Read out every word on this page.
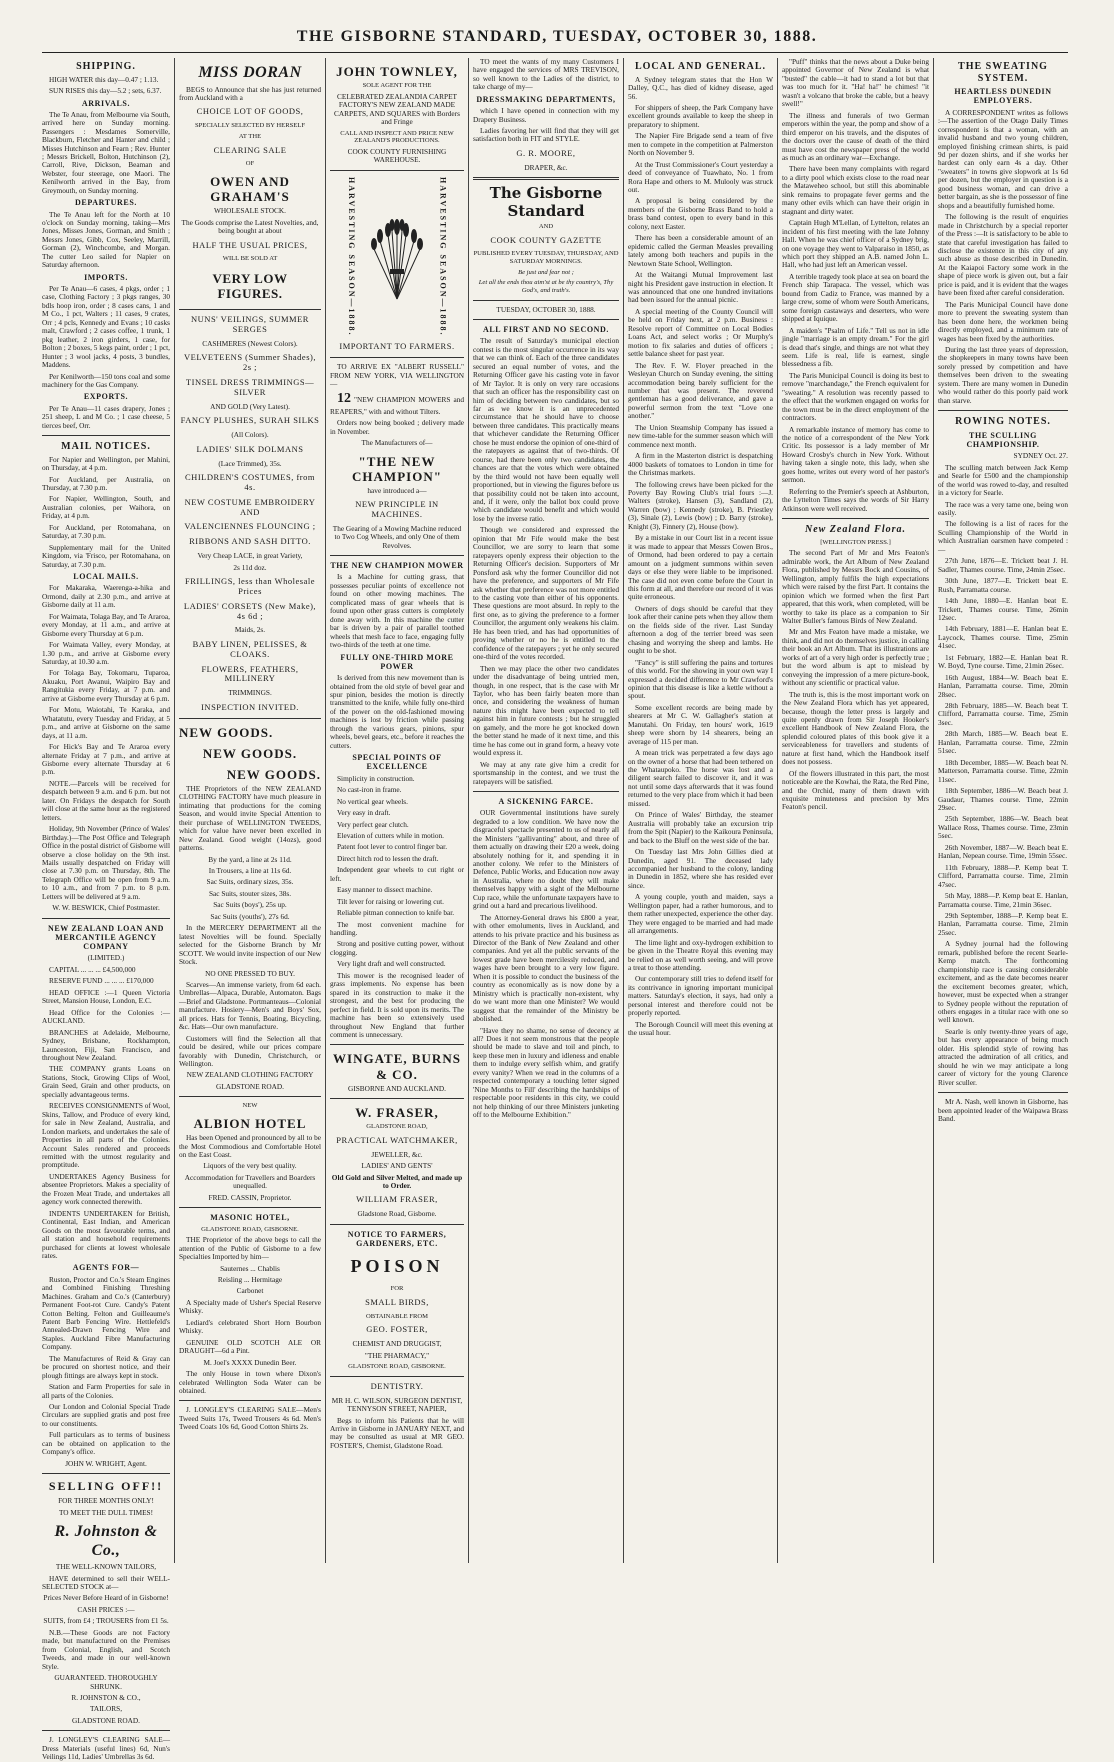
THE GISBORNE STANDARD, TUESDAY, OCTOBER 30, 1888.
SHIPPING.

HIGH WATER this day—0.47 ; 1.13.

SUN RISES this day—5.2 ; sets, 6.37.

ARRIVALS.

The Te Anau, from Melbourne via South, arrived here on Sunday morning. Passengers : Mesdames Somerville, Blackburn, Fletcher and Hanter and child ; Misses Hutchinson and Fearn ; Rev. Hunter ; Messrs Brickell, Bolton, Hutchinson (2), Carroll, Rive, Dickson, Beaman and Webster, four steerage, one Maori. The Kenilworth arrived in the Bay, from Greymouth, on Sunday morning.

DEPARTURES.

The Te Anau left for the North at 10 o'clock on Sunday morning, taking—Mrs Jones, Misses Jones, Gorman, and Smith ; Messrs Jones, Gibb, Cox, Seeley, Marrill, Gorman (2), Winchcombe, and Morgan. The cutter Leo sailed for Napier on Saturday afternoon.

IMPORTS.

Per Te Anau—6 cases, 4 pkgs, order ; 1 case, Clothing Factory ; 3 pkgs ranges, 30 bdls hoop iron, order ; 8 cases cans, 1 and M Co., 1 pct, Walters ; 11 cases, 9 crates, Orr ; 4 pcls, Kennedy and Evans ; 10 casks malt, Crawford ; 2 cases coffee, 1 trunk, 1 pkg leather, 2 iron girders, 1 case, for Bolton ; 2 boxes, 5 kegs paint, order ; 1 pct, Hunter ; 3 wool jacks, 4 posts, 3 bundles, Maddens.

Per Kenilworth—150 tons coal and some machinery for the Gas Company.

EXPORTS.

Per Te Anau—11 cases drapery, Jones ; 251 sheep, L and M Co. ; 1 case cheese, 5 tierces beef, Orr.

MAIL NOTICES.

For Napier and Wellington, per Mahini, on Thursday, at 4 p.m.

For Auckland, per Australia, on Thursday, at 7.30 p.m.

For Napier, Wellington, South, and Australian colonies, per Waihora, on Friday, at 4 p.m.

For Auckland, per Rotomahana, on Saturday, at 7.30 p.m.

Supplementary mail for the United Kingdom, via 'Frisco, per Rotomahana, on Saturday, at 7.30 p.m.

LOCAL MAILS.

For Makaraka, Waerenga-a-hika and Ormond, daily at 2.30 p.m., and arrive at Gisborne daily at 11 a.m.

For Waimata, Tolaga Bay, and Te Araroa, every Monday, at 11 a.m., and arrive at Gisborne every Thursday at 6 p.m.

For Waimata Valley, every Monday, at 1.30 p.m., and arrive at Gisborne every Saturday, at 10.30 a.m.

For Tolaga Bay, Tokomaru, Tuparoa, Akuaku, Port Awanui, Waipiro Bay and Rangitukia every Friday, at 7 p.m. and arrive at Gisborne every Thursday at 6 p.m.

For Motu, Waiotahi, Te Karaka, and Whatatutu, every Tuesday and Friday, at 5 p.m., and arrive at Gisborne on the same days, at 11 a.m.

For Hick's Bay and Te Araroa every alternate Friday at 7 p.m., and arrive at Gisborne every alternate Thursday at 6 p.m.

NOTE.—Parcels will be received for despatch between 9 a.m. and 6 p.m. but not later. On Fridays the despatch for South will close at the same hour as the registered letters.

Holiday, 9th November (Prince of Wales' Birthday.)—The Post Office and Telegraph Office in the postal district of Gisborne will observe a close holiday on the 9th inst. Mails usually despatched on Friday will close at 7.30 p.m. on Thursday, 8th. The Telegraph Office will be open from 9 a.m. to 10 a.m., and from 7 p.m. to 8 p.m. Letters will be delivered at 9 a.m.

W. W. BESWICK, Chief Postmaster.

NEW ZEALAND LOAN AND MERCANTILE AGENCY COMPANY

(LIMITED.)

CAPITAL ... ... ... £4,500,000

RESERVE FUND ... ... ... £170,000

HEAD OFFICE :—1 Queen Victoria Street, Mansion House, London, E.C.

Head Office for the Colonies :—AUCKLAND.

BRANCHES at Adelaide, Melbourne, Sydney, Brisbane, Rockhampton, Launceston, Fiji, San Francisco, and throughout New Zealand.

THE COMPANY grants Loans on Stations, Stock, Growing Clips of Wool, Grain Seed, Grain and other products, on specially advantageous terms.

RECEIVES CONSIGNMENTS of Wool, Skins, Tallow, and Produce of every kind, for sale in New Zealand, Australia, and London markets, and undertakes the sale of Properties in all parts of the Colonies. Account Sales rendered and proceeds remitted with the utmost regularity and promptitude.

UNDERTAKES Agency Business for absentee Proprietors. Makes a speciality of the Frozen Meat Trade, and undertakes all agency work connected therewith.

INDENTS UNDERTAKEN for British, Continental, East Indian, and American Goods on the most favourable terms, and all station and household requirements purchased for clients at lowest wholesale rates.

AGENTS FOR—

Ruston, Proctor and Co.'s Steam Engines and Combined Finishing Threshing Machines. Graham and Co.'s (Canterbury) Permanent Foot-rot Cure. Candy's Patent Cotton Belting. Felton and Guilleaume's Patent Barb Fencing Wire. Hettlefeld's Annealed-Drawn Fencing Wire and Staples. Auckland Fibre Manufacturing Company.

The Manufactures of Reid & Gray can be procured on shortest notice, and their plough fittings are always kept in stock.

Station and Farm Properties for sale in all parts of the Colonies.

Our London and Colonial Special Trade Circulars are supplied gratis and post free to our constituents.

Full particulars as to terms of business can be obtained on application to the Company's office.

JOHN W. WRIGHT, Agent.

SELLING OFF!!

FOR THREE MONTHS ONLY!

TO MEET THE DULL TIMES!

R. Johnston & Co.,

THE WELL-KNOWN TAILORS,

HAVE determined to sell their WELL-SELECTED STOCK at—

Prices Never Before Heard of in Gisborne!

CASH PRICES :—

SUITS, from £4 ; TROUSERS from £1 5s.

N.B.—These Goods are not Factory made, but manufactured on the Premises from Colonial, English, and Scotch Tweeds, and made in our well-known Style.

GUARANTEED. THOROUGHLY SHRUNK.

R. JOHNSTON & CO.,

TAILORS,

GLADSTONE ROAD.

J. LONGLEY'S CLEARING SALE—Dress Materials (useful lines) 6d, Nun's Veilings 11d, Ladies' Umbrellas 3s 6d.

MISS DORAN

BEGS to Announce that she has just returned from Auckland with a

CHOICE LOT OF GOODS,

SPECIALLY SELECTED BY HERSELF

AT THE

CLEARING SALE

OF

OWEN AND GRAHAM'S

WHOLESALE STOCK.

The Goods comprise the Latest Novelties, and, being bought at about

HALF THE USUAL PRICES,

WILL BE SOLD AT

VERY LOW FIGURES.
NUNS' VEILINGS, SUMMER SERGES

CASHMERES (Newest Colors).

VELVETEENS (Summer Shades), 2s ;
TINSEL DRESS TRIMMINGS—SILVER

AND GOLD (Very Latest).

FANCY PLUSHES, SURAH SILKS

(All Colors).

LADIES' SILK DOLMANS

(Lace Trimmed), 35s.

CHILDREN'S COSTUMES, from 4s.
NEW COSTUME EMBROIDERY AND
VALENCIENNES FLOUNCING ;
RIBBONS AND SASH DITTO.

Very Cheap LACE, in great Variety,

2s 11d doz.

FRILLINGS, less than Wholesale Prices
LADIES' CORSETS (New Make), 4s 6d ;

Maids, 2s.

BABY LINEN, PELISSES, & CLOAKS.
FLOWERS, FEATHERS, MILLINERY

TRIMMINGS.

INSPECTION INVITED.
NEW GOODS.
NEW GOODS.
NEW GOODS.

THE Proprietors of the NEW ZEALAND CLOTHING FACTORY have much pleasure in intimating that productions for the coming Season, and would invite Special Attention to their purchase of WELLINGTON TWEEDS, which for value have never been excelled in New Zealand. Good weight (14ozs), good patterns.

By the yard, a line at 2s 11d.

In Trousers, a line at 11s 6d.

Sac Suits, ordinary sizes, 35s.

Sac Suits, stouter sizes, 38s.

Sac Suits (boys'), 25s up.

Sac Suits (youths'), 27s 6d.

In the MERCERY DEPARTMENT all the latest Novelties will be found. Specially selected for the Gisborne Branch by Mr SCOTT. We would invite inspection of our New Stock.

NO ONE PRESSED TO BUY.

Scarves—An immense variety, from 6d each. Umbrellas—Alpaca, Durable, Automaton. Bags—Brief and Gladstone. Portmanteaus—Colonial manufacture. Hosiery—Men's and Boys' Sox, all prices. Hats for Tennis, Boating, Bicycling, &c. Hats—Our own manufacture.

Customers will find the Selection all that could be desired, while our prices compare favorably with Dunedin, Christchurch, or Wellington.

NEW ZEALAND CLOTHING FACTORY

GLADSTONE ROAD.

NEW

ALBION HOTEL

Has been Opened and pronounced by all to be the Most Commodious and Comfortable Hotel on the East Coast.

Liquors of the very best quality.

Accommodation for Travellers and Boarders unequalled.

FRED. CASSIN, Proprietor.

MASONIC HOTEL,

GLADSTONE ROAD, GISBORNE.

THE Proprietor of the above begs to call the attention of the Public of Gisborne to a few Specialties Imported by him—

Sauternes ... Chablis

Reisling ... Hermitage

Carbonet

A Specialty made of Usher's Special Reserve Whisky.

Lediard's celebrated Short Horn Bourbon Whisky.

GENUINE OLD SCOTCH ALE OR DRAUGHT—6d a Pint.

M. Joel's XXXX Dunedin Beer.

The only House in town where Dixon's celebrated Wellington Soda Water can be obtained.

J. LONGLEY'S CLEARING SALE—Men's Tweed Suits 17s, Tweed Trousers 4s 6d. Men's Tweed Coats 10s 6d, Good Cotton Shirts 2s.

JOHN TOWNLEY,

SOLE AGENT FOR THE

CELEBRATED ZEALANDIA CARPET FACTORY'S NEW ZEALAND MADE CARPETS, AND SQUARES with Borders and Fringe

CALL AND INSPECT AND PRICE NEW ZEALAND'S PRODUCTIONS.

COOK COUNTY FURNISHING WAREHOUSE.

HARVESTING SEASON—1888.	HARVESTING SEASON—1888.
IMPORTANT TO FARMERS.

TO ARRIVE EX "ALBERT RUSSELL" FROM NEW YORK, VIA WELLINGTON—

12 "NEW CHAMPION MOWERS and REAPERS," with and without Tilters.

Orders now being booked ; delivery made in November.

The Manufacturers of—

"THE NEW CHAMPION"

have introduced a—

NEW PRINCIPLE IN MACHINES.

The Gearing of a Mowing Machine reduced to Two Cog Wheels, and only One of them Revolves.

THE NEW CHAMPION MOWER

Is a Machine for cutting grass, that possesses peculiar points of excellence not found on other mowing machines. The complicated mass of gear wheels that is found upon other grass cutters is completely done away with. In this machine the cutter bar is driven by a pair of parallel toothed wheels that mesh face to face, engaging fully two-thirds of the teeth at one time.

FULLY ONE-THIRD MORE POWER

Is derived from this new movement than is obtained from the old style of bevel gear and spur pinion, besides the motion is directly transmitted to the knife, while fully one-third of the power on the old-fashioned mowing machines is lost by friction while passing through the various gears, pinions, spur wheels, bevel gears, etc., before it reaches the cutters.

SPECIAL POINTS OF EXCELLENCE

Simplicity in construction.

No cast-iron in frame.

No vertical gear wheels.

Very easy in draft.

Very perfect gear clutch.

Elevation of cutters while in motion.

Patent foot lever to control finger bar.

Direct hitch rod to lessen the draft.

Independent gear wheels to cut right or left.

Easy manner to dissect machine.

Tilt lever for raising or lowering cut.

Reliable pitman connection to knife bar.

The most convenient machine for handling.

Strong and positive cutting power, without clogging.

Very light draft and well constructed.

This mower is the recognised leader of grass implements. No expense has been spared in its construction to make it the strongest, and the best for producing the perfect in field. It is sold upon its merits. The machine has been so extensively used throughout New England that further comment is unnecessary.

WINGATE, BURNS & CO.

GISBORNE AND AUCKLAND.

W. FRASER,

GLADSTONE ROAD,

PRACTICAL WATCHMAKER,

JEWELLER, &c.

LADIES' AND GENTS'

Old Gold and Silver Melted, and made up to Order.

WILLIAM FRASER,

Gladstone Road, Gisborne.

NOTICE TO FARMERS, GARDENERS, ETC.
POISON

FOR

SMALL BIRDS,

OBTAINABLE FROM

GEO. FOSTER,

CHEMIST AND DRUGGIST,

"THE PHARMACY,"

GLADSTONE ROAD, GISBORNE.

DENTISTRY.

MR H. C. WILSON, SURGEON DENTIST, TENNYSON STREET, NAPIER,

Begs to inform his Patients that he will Arrive in Gisborne in JANUARY NEXT, and may be consulted as usual at MR GEO. FOSTER'S, Chemist, Gladstone Road.

TO meet the wants of my many Customers I have engaged the services of MRS TREVISON, so well known to the Ladies of the district, to take charge of my—

DRESSMAKING DEPARTMENTS,

which I have opened in connection with my Drapery Business.

Ladies favoring her will find that they will get satisfaction both in FIT and STYLE.

G. R. MOORE,

DRAPER, &c.

The Gisborne Standard

AND

COOK COUNTY GAZETTE

PUBLISHED EVERY TUESDAY, THURSDAY, AND SATURDAY MORNINGS.

Be just and fear not ;

Let all the ends thou aim'st at be thy country's, Thy God's, and truth's.

TUESDAY, OCTOBER 30, 1888.

ALL FIRST AND NO SECOND.

The result of Saturday's municipal election contest is the most singular occurrence in its way that we can think of. Each of the three candidates secured an equal number of votes, and the Returning Officer gave his casting vote in favor of Mr Taylor. It is only on very rare occasions that such an officer has the responsibility cast on him of deciding between two candidates, but so far as we know it is an unprecedented circumstance that he should have to choose between three candidates. This practically means that whichever candidate the Returning Officer chose he must endorse the opinion of one-third of the ratepayers as against that of two-thirds. Of course, had there been only two candidates, the chances are that the votes which were obtained by the third would not have been equally well proportioned, but in viewing the figures before us that possibility could not be taken into account, and, if it were, only the ballot box could prove which candidate would benefit and which would lose by the inverse ratio.

Though we considered and expressed the opinion that Mr Fife would make the best Councillor, we are sorry to learn that some ratepayers openly express their objection to the Returning Officer's decision. Supporters of Mr Ponsford ask why the former Councillor did not have the preference, and supporters of Mr Fife ask whether that preference was not more entitled to the casting vote than either of his opponents. These questions are moot absurd. In reply to the first one, as to giving the preference to a former Councillor, the argument only weakens his claim. He has been tried, and has had opportunities of proving whether or no he is entitled to the confidence of the ratepayers ; yet he only secured one-third of the votes recorded.

Then we may place the other two candidates under the disadvantage of being untried men, though, in one respect, that is the case with Mr Taylor, who has been fairly beaten more than once, and considering the weakness of human nature this might have been expected to tell against him in future contests ; but he struggled on gamely, and the more he got knocked down the better stand he made of it next time, and this time he has come out in grand form, a heavy vote would express it.

We may at any rate give him a credit for sportsmanship in the contest, and we trust the ratepayers will be satisfied.

A SICKENING FARCE.

OUR Governmental institutions have surely degraded to a low condition. We have now the disgraceful spectacle presented to us of nearly all the Ministers "gallivanting" about, and three of them actually on drawing their £20 a week, doing absolutely nothing for it, and spending it in another colony. We refer to the Ministers of Defence, Public Works, and Education now away in Australia, where no doubt they will make themselves happy with a sight of the Melbourne Cup race, while the unfortunate taxpayers have to grind out a hard and precarious livelihood.

The Attorney-General draws his £800 a year, with other emoluments, lives in Auckland, and attends to his private practice and his business as Director of the Bank of New Zealand and other companies. And yet all the public servants of the lowest grade have been mercilessly reduced, and wages have been brought to a very low figure. When it is possible to conduct the business of the country as economically as is now done by a Ministry which is practically non-existent, why do we want more than one Minister? We would suggest that the remainder of the Ministry be abolished.

"Have they no shame, no sense of decency at all? Does it not seem monstrous that the people should be made to slave and toil and pinch, to keep these men in luxury and idleness and enable them to indulge every selfish whim, and gratify every vanity? When we read in the columns of a respected contemporary a touching letter signed 'Nine Months to Fill' describing the hardships of respectable poor residents in this city, we could not help thinking of our three Ministers junketing off to the Melbourne Exhibition."

LOCAL AND GENERAL.

A Sydney telegram states that the Hon W Dalley, Q.C., has died of kidney disease, aged 56.

For shippers of sheep, the Park Company have excellent grounds available to keep the sheep in preparatory to shipment.

The Napier Fire Brigade send a team of five men to compete in the competition at Palmerston North on November 9.

At the Trust Commissioner's Court yesterday a deed of conveyance of Tuawhato, No. 1 from Rora Hape and others to M. Mulooly was struck out.

A proposal is being considered by the members of the Gisborne Brass Band to hold a brass band contest, open to every band in this colony, next Easter.

There has been a considerable amount of an epidemic called the German Measles prevailing lately among both teachers and pupils in the Newtown State School, Wellington.

At the Waitangi Mutual Improvement last night his President gave instruction in election. It was announced that one one hundred invitations had been issued for the annual picnic.

A special meeting of the County Council will be held on Friday next, at 2 p.m. Business : Resolve report of Committee on Local Bodies Loans Act, and select works ; Or Murphy's motion to fix salaries and duties of officers ; settle balance sheet for past year.

The Rev. F. W. Floyer preached in the Wesleyan Church on Sunday evening, the sitting accommodation being barely sufficient for the number that was present. The reverend gentleman has a good deliverance, and gave a powerful sermon from the text "Love one another."

The Union Steamship Company has issued a new time-table for the summer season which will commence next month.

A firm in the Masterton district is despatching 4000 baskets of tomatoes to London in time for the Christmas markets.

The following crews have been picked for the Poverty Bay Rowing Club's trial fours :—J. Walters (stroke), Hansen (3), Sandland (2), Warren (bow) ; Kennedy (stroke), B. Priestley (3), Sinale (2), Lewis (bow) ; D. Barry (stroke), Knight (3), Finnery (2), House (bow).

By a mistake in our Court list in a recent issue it was made to appear that Messrs Cowen Bros., of Ormond, had been ordered to pay a certain amount on a judgment summons within seven days or else they were liable to be imprisoned. The case did not even come before the Court in this form at all, and therefore our record of it was quite erroneous.

Owners of dogs should be careful that they look after their canine pets when they allow them on the fields side of the river. Last Sunday afternoon a dog of the terrier breed was seen chasing and worrying the sheep and lambs. He ought to be shot.

"Fancy" is still suffering the pains and tortures of this world. For the showing in your own way I expressed a decided difference to Mr Crawford's opinion that this disease is like a kettle without a spout.

Some excellent records are being made by shearers at Mr C. W. Gallagher's station at Manutahi. On Friday, ten hours' work, 1619 sheep were shorn by 14 shearers, being an average of 115 per man.

A mean trick was perpetrated a few days ago on the owner of a horse that had been tethered on the Whataupoko. The horse was lost and a diligent search failed to discover it, and it was not until some days afterwards that it was found returned to the very place from which it had been missed.

On Prince of Wales' Birthday, the steamer Australia will probably take an excursion trip from the Spit (Napier) to the Kaikoura Peninsula, and back to the Bluff on the west side of the bar.

On Tuesday last Mrs John Gillies died at Dunedin, aged 91. The deceased lady accompanied her husband to the colony, landing in Dunedin in 1852, where she has resided ever since.

A young couple, youth and maiden, says a Wellington paper, had a rather humorous, and to them rather unexpected, experience the other day. They were engaged to be married and had made all arrangements.

The lime light and oxy-hydrogen exhibition to be given in the Theatre Royal this evening may be relied on as well worth seeing, and will prove a treat to those attending.

Our contemporary still tries to defend itself for its contrivance in ignoring important municipal matters. Saturday's election, it says, had only a personal interest and therefore could not be properly reported.

The Borough Council will meet this evening at the usual hour.

"Puff" thinks that the news about a Duke being appointed Governor of New Zealand is what "busted" the cable—it had to stand a lot but that was too much for it. "Ha! ha!" he chimes! "it wasn't a volcano that broke the cable, but a heavy swell!"

The illness and funerals of two German emperors within the year, the pomp and show of a third emperor on his travels, and the disputes of the doctors over the cause of death of the third must have cost the newspaper press of the world as much as an ordinary war—Exchange.

There have been many complaints with regard to a dirty pool which exists close to the road near the Mataweheo school, but still this abominable sink remains to propagate fever germs and the many other evils which can have their origin in stagnant and dirty water.

Captain Hugh M'Lellan, of Lyttelton, relates an incident of his first meeting with the late Johnny Hall. When he was chief officer of a Sydney brig, on one voyage they went to Valparaiso in 1850, as which port they shipped an A.B. named John L. Hall, who had just left an American vessel.

A terrible tragedy took place at sea on board the French ship Tarapaca. The vessel, which was bound from Cadiz to France, was manned by a large crew, some of whom were South Americans, some foreign castaways and deserters, who were shipped at Iquique.

A maiden's "Psalm of Life." Tell us not in idle jingle "marriage is an empty dream." For the girl is dead that's single, and things are not what they seem. Life is real, life is earnest, single blessedness a fib.

The Paris Municipal Council is doing its best to remove "marchandage," the French equivalent for "sweating." A resolution was recently passed to the effect that the workmen engaged on works for the town must be in the direct employment of the contractors.

A remarkable instance of memory has come to the notice of a correspondent of the New York Critic. Its possessor is a lady member of Mr Howard Crosby's church in New York. Without having taken a single note, this lady, when she goes home, writes out every word of her pastor's sermon.

Referring to the Premier's speech at Ashburton, the Lyttelton Times says the words of Sir Harry Atkinson were well received.

New Zealand Flora.

[WELLINGTON PRESS.]

The second Part of Mr and Mrs Featon's admirable work, the Art Album of New Zealand Flora, published by Messrs Bock and Cousins, of Wellington, amply fulfils the high expectations which were raised by the first Part. It contains the opinion which we formed when the first Part appeared, that this work, when completed, will be worthy to take its place as a companion to Sir Walter Buller's famous Birds of New Zealand.

Mr and Mrs Featon have made a mistake, we think, and did not do themselves justice, in calling their book an Art Album. That its illustrations are works of art of a very high order is perfectly true ; but the word album is apt to mislead by conveying the impression of a mere picture-book, without any scientific or practical value.

The truth is, this is the most important work on the New Zealand Flora which has yet appeared, because, though the letter press is largely and quite openly drawn from Sir Joseph Hooker's excellent Handbook of New Zealand Flora, the splendid coloured plates of this book give it a serviceableness for travellers and students of nature at first hand, which the Handbook itself does not possess.

Of the flowers illustrated in this part, the most noticeable are the Kowhai, the Rata, the Red Pine, and the Orchid, many of them drawn with exquisite minuteness and precision by Mrs Featon's pencil.

THE SWEATING SYSTEM.
HEARTLESS DUNEDIN EMPLOYERS.

A CORRESPONDENT writes as follows :—The assertion of the Otago Daily Times correspondent is that a woman, with an invalid husband and two young children, employed finishing crimean shirts, is paid 9d per dozen shirts, and if she works her hardest can only earn 4s a day. Other "sweaters" in towns give slopwork at 1s 6d per dozen, but the employer in question is a good business woman, and can drive a better bargain, as she is the possessor of fine shops and a beautifully furnished home.

The following is the result of enquiries made in Christchurch by a special reporter of the Press :—It is satisfactory to be able to state that careful investigation has failed to disclose the existence in this city of any such abuse as those described in Dunedin. At the Kaiapoi Factory some work in the shape of piece work is given out, but a fair price is paid, and it is evident that the wages have been fixed after careful consideration.

The Paris Municipal Council have done more to prevent the sweating system than has been done here, the workmen being directly employed, and a minimum rate of wages has been fixed by the authorities.

During the last three years of depression, the shopkeepers in many towns have been sorely pressed by competition and have themselves been driven to the sweating system. There are many women in Dunedin who would rather do this poorly paid work than starve.

ROWING NOTES.
THE SCULLING CHAMPIONSHIP.

SYDNEY Oct. 27.

The sculling match between Jack Kemp and Searle for £500 and the championship of the world was rowed to-day, and resulted in a victory for Searle.

The race was a very tame one, being won easily.

The following is a list of races for the Sculling Championship of the World in which Australian oarsmen have competed :—

27th June, 1876—E. Trickett beat J. H. Sadler, Thames course. Time, 24min 25sec.

30th June, 1877—E. Trickett beat E. Rush, Parramatta course.

14th June, 1880—E. Hanlan beat E. Trickett, Thames course. Time, 26min 12sec.

14th February, 1881—E. Hanlan beat E. Laycock, Thames course. Time, 25min 41sec.

1st February, 1882—E. Hanlan beat R. W. Boyd, Tyne course. Time, 21min 26sec.

16th August, 1884—W. Beach beat E. Hanlan, Parramatta course. Time, 20min 28sec.

28th February, 1885—W. Beach beat T. Clifford, Parramatta course. Time, 25min 3sec.

28th March, 1885—W. Beach beat E. Hanlan, Parramatta course. Time, 22min 51sec.

18th December, 1885—W. Beach beat N. Matterson, Parramatta course. Time, 22min 11sec.

18th September, 1886—W. Beach beat J. Gaudaur, Thames course. Time, 22min 29sec.

25th September, 1886—W. Beach beat Wallace Ross, Thames course. Time, 23min 5sec.

26th November, 1887—W. Beach beat E. Hanlan, Nepean course. Time, 19min 55sec.

11th February, 1888—P. Kemp beat T. Clifford, Parramatta course. Time, 21min 47sec.

5th May, 1888—P. Kemp beat E. Hanlan, Parramatta course. Time, 21min 36sec.

29th September, 1888—P. Kemp beat E. Hanlan, Parramatta course. Time, 21min 25sec.

A Sydney journal had the following remark, published before the recent Searle-Kemp match. The forthcoming championship race is causing considerable excitement, and as the date becomes nearer the excitement becomes greater, which, however, must be expected when a stranger to Sydney people without the reputation of others engages in a titular race with one so well known.

Searle is only twenty-three years of age, but has every appearance of being much older. His splendid style of rowing has attracted the admiration of all critics, and should he win we may anticipate a long career of victory for the young Clarence River sculler.

Mr A. Nash, well known in Gisborne, has been appointed leader of the Waipawa Brass Band.
